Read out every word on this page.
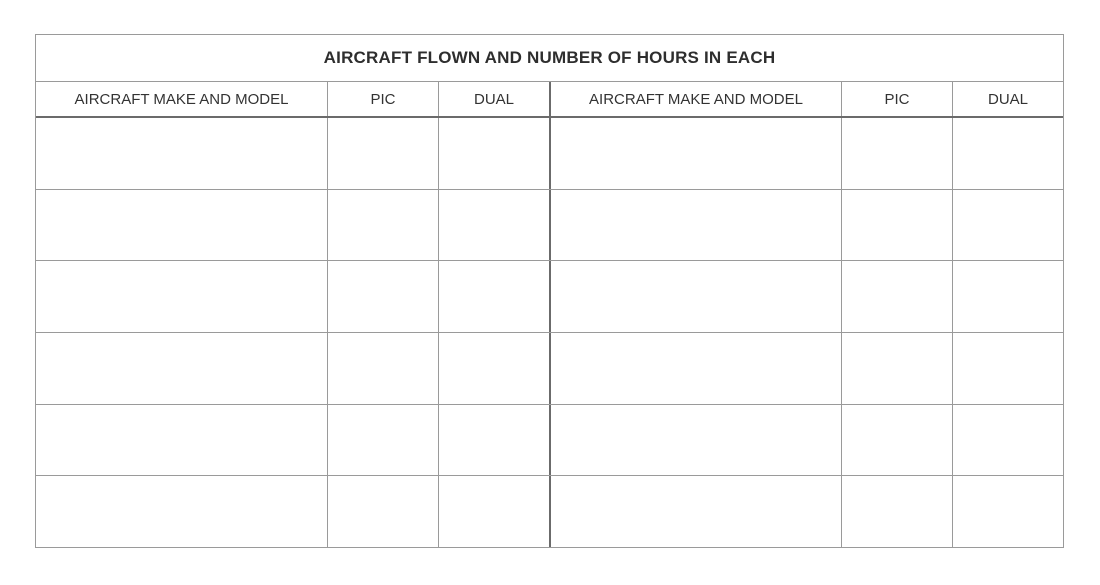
AIRCRAFT FLOWN AND NUMBER OF HOURS IN EACH
AIRCRAFT MAKE AND MODEL	PIC	DUAL	AIRCRAFT MAKE AND MODEL	PIC	DUAL
